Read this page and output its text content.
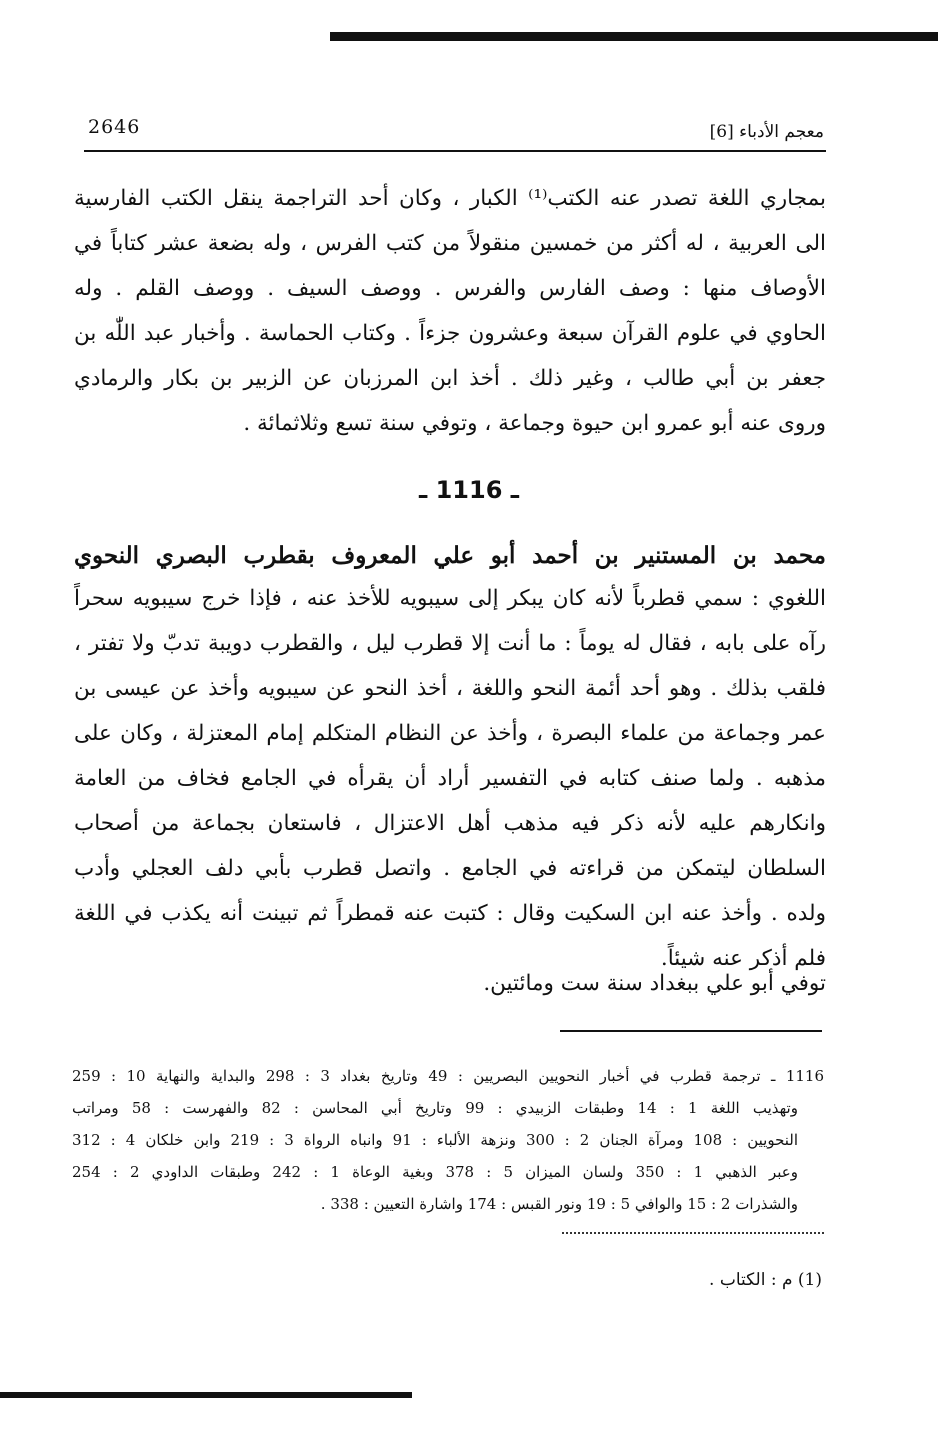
2646	معجم الأدباء [6]
بمجاري اللغة تصدر عنه الكتب⁽¹⁾ الكبار ، وكان أحد التراجمة ينقل الكتب الفارسية
الى العربية ، له أكثر من خمسين منقولاً من كتب الفرس ، وله بضعة عشر كتاباً في
الأوصاف منها : وصف الفارس والفرس . ووصف السيف . ووصف القلم . وله
الحاوي في علوم القرآن سبعة وعشرون جزءاً . وكتاب الحماسة . وأخبار عبد اللّٰه بن
جعفر بن أبي طالب ، وغير ذلك . أخذ ابن المرزبان عن الزبير بن بكار والرمادي
وروى عنه أبو عمرو ابن حيوة وجماعة ، وتوفي سنة تسع وثلاثمائة .
ـ 1116 ـ
محمد بن المستنير بن أحمد أبو علي المعروف بقطرب البصري النحوي
اللغوي : سمي قطرباً لأنه كان يبكر إلى سيبويه للأخذ عنه ، فإذا خرج سيبويه سحراً
رآه على بابه ، فقال له يوماً : ما أنت إلا قطرب ليل ، والقطرب دويبة تدبّ ولا تفتر ،
فلقب بذلك . وهو أحد أئمة النحو واللغة ، أخذ النحو عن سيبويه وأخذ عن عيسى بن
عمر وجماعة من علماء البصرة ، وأخذ عن النظام المتكلم إمام المعتزلة ، وكان على
مذهبه . ولما صنف كتابه في التفسير أراد أن يقرأه في الجامع فخاف من العامة
وانكارهم عليه لأنه ذكر فيه مذهب أهل الاعتزال ، فاستعان بجماعة من أصحاب
السلطان ليتمكن من قراءته في الجامع . واتصل قطرب بأبي دلف العجلي وأدب
ولده . وأخذ عنه ابن السكيت وقال : كتبت عنه قمطراً ثم تبينت أنه يكذب في اللغة
فلم أذكر عنه شيئاً.
توفي أبو علي ببغداد سنة ست ومائتين.
1116 ـ ترجمة قطرب في أخبار النحويين البصريين : 49 وتاريخ بغداد 3 : 298 والبداية والنهاية 10 : 259
وتهذيب اللغة 1 : 14 وطبقات الزبيدي : 99 وتاريخ أبي المحاسن : 82 والفهرست : 58 ومراتب
النحويين : 108 ومرآة الجنان 2 : 300 ونزهة الألباء : 91 وانباه الرواة 3 : 219 وابن خلكان 4 : 312
وعبر الذهبي 1 : 350 ولسان الميزان 5 : 378 وبغية الوعاة 1 : 242 وطبقات الداودي 2 : 254
والشذرات 2 : 15 والوافي 5 : 19 ونور القبس : 174 واشارة التعيين : 338 .
(1) م : الكتاب .
